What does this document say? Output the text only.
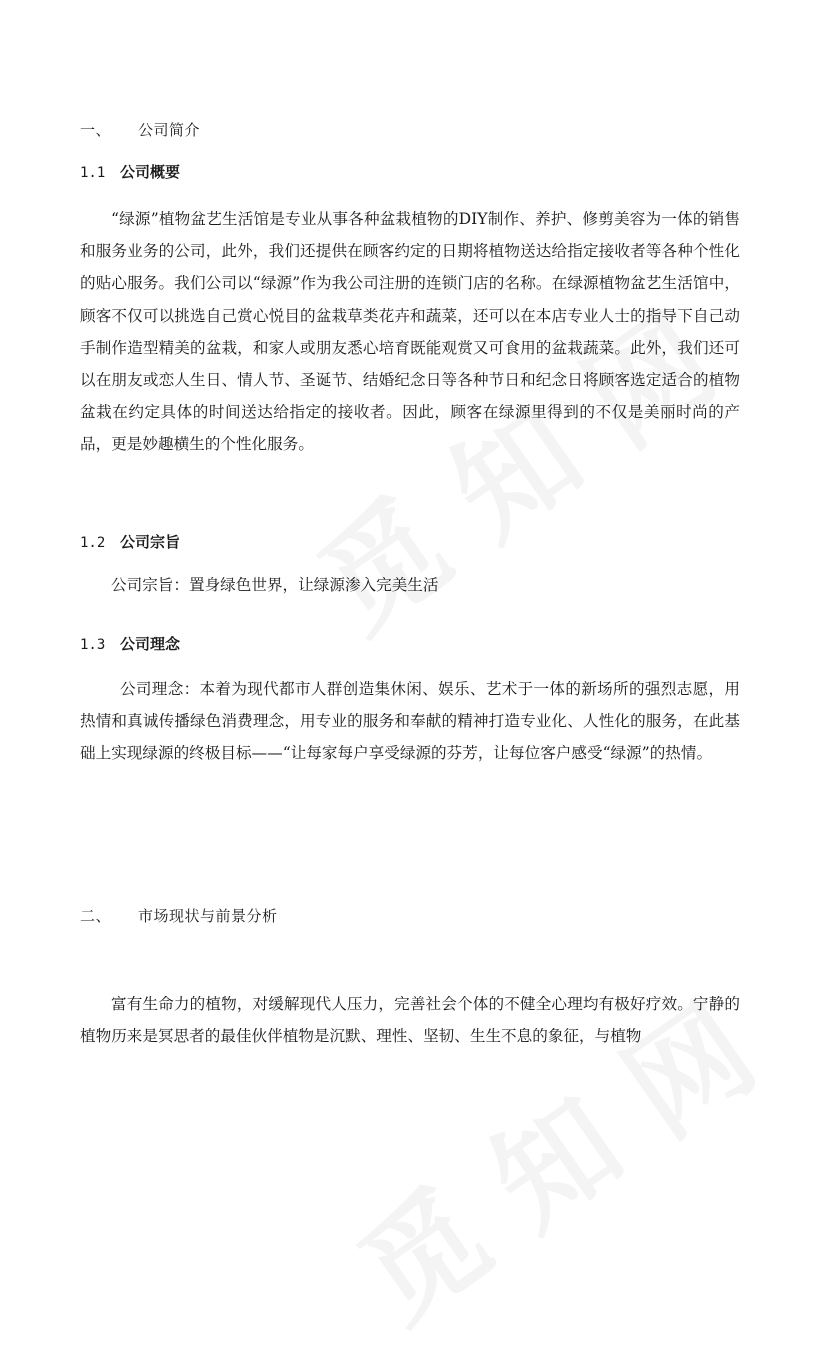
一、 公司简介
1.1 公司概要

“绿源”植物盆艺生活馆是专业从事各种盆栽植物的DIY制作、养护、修剪美容为一体的销售和服务业务的公司，此外，我们还提供在顾客约定的日期将植物送达给指定接收者等各种个性化的贴心服务。我们公司以“绿源”作为我公司注册的连锁门店的名称。在绿源植物盆艺生活馆中，顾客不仅可以挑选自己赏心悦目的盆栽草类花卉和蔬菜，还可以在本店专业人士的指导下自己动手制作造型精美的盆栽，和家人或朋友悉心培育既能观赏又可食用的盆栽蔬菜。此外，我们还可以在朋友或恋人生日、情人节、圣诞节、结婚纪念日等各种节日和纪念日将顾客选定适合的植物盆栽在约定具体的时间送达给指定的接收者。因此，顾客在绿源里得到的不仅是美丽时尚的产品，更是妙趣横生的个性化服务。

1.2 公司宗旨
公司宗旨：置身绿色世界，让绿源渗入完美生活
1.3 公司理念

公司理念：本着为现代都市人群创造集休闲、娱乐、艺术于一体的新场所的强烈志愿，用热情和真诚传播绿色消费理念，用专业的服务和奉献的精神打造专业化、人性化的服务，在此基础上实现绿源的终极目标——“让每家每户享受绿源的芬芳，让每位客户感受“绿源”的热情。

二、 市场现状与前景分析

富有生命力的植物，对缓解现代人压力，完善社会个体的不健全心理均有极好疗效。宁静的植物历来是冥思者的最佳伙伴植物是沉默、理性、坚韧、生生不息的象征，与植物
